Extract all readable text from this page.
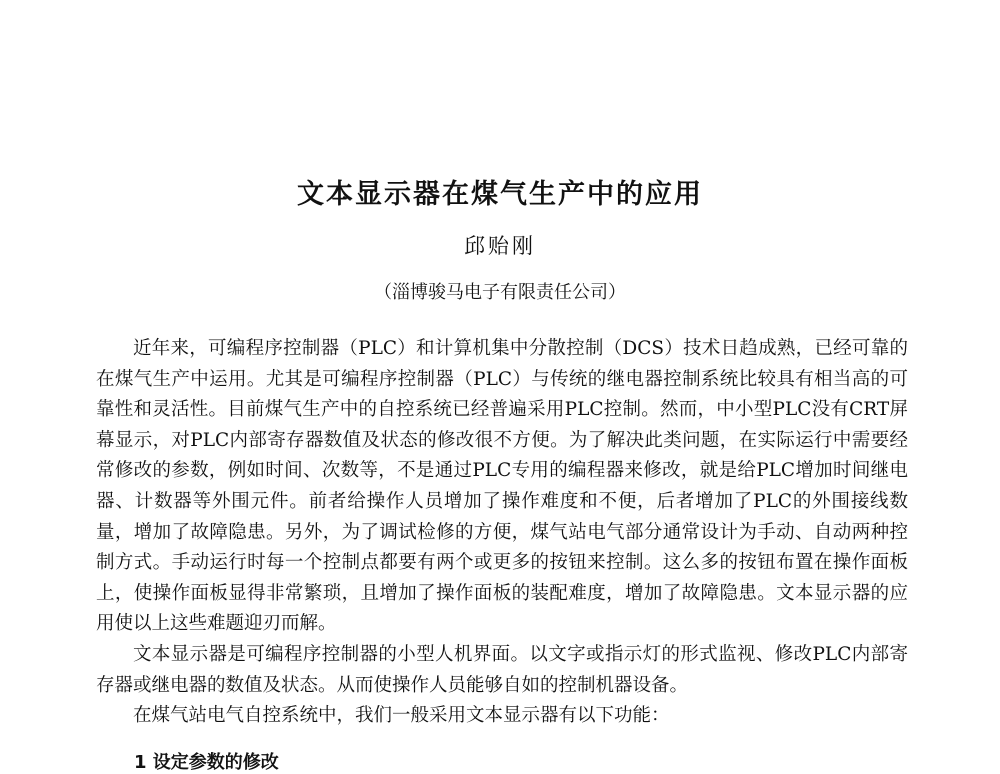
文本显示器在煤气生产中的应用
邱贻刚
（淄博骏马电子有限责任公司）

近年来，可编程序控制器（PLC）和计算机集中分散控制（DCS）技术日趋成熟，已经可靠的在煤气生产中运用。尤其是可编程序控制器（PLC）与传统的继电器控制系统比较具有相当高的可靠性和灵活性。目前煤气生产中的自控系统已经普遍采用PLC控制。然而，中小型PLC没有CRT屏幕显示，对PLC内部寄存器数值及状态的修改很不方便。为了解决此类问题，在实际运行中需要经常修改的参数，例如时间、次数等，不是通过PLC专用的编程器来修改，就是给PLC增加时间继电器、计数器等外围元件。前者给操作人员增加了操作难度和不便，后者增加了PLC的外围接线数量，增加了故障隐患。另外，为了调试检修的方便，煤气站电气部分通常设计为手动、自动两种控制方式。手动运行时每一个控制点都要有两个或更多的按钮来控制。这么多的按钮布置在操作面板上，使操作面板显得非常繁琐，且增加了操作面板的装配难度，增加了故障隐患。文本显示器的应用使以上这些难题迎刃而解。

文本显示器是可编程序控制器的小型人机界面。以文字或指示灯的形式监视、修改PLC内部寄存器或继电器的数值及状态。从而使操作人员能够自如的控制机器设备。

在煤气站电气自控系统中，我们一般采用文本显示器有以下功能：

1 设定参数的修改
